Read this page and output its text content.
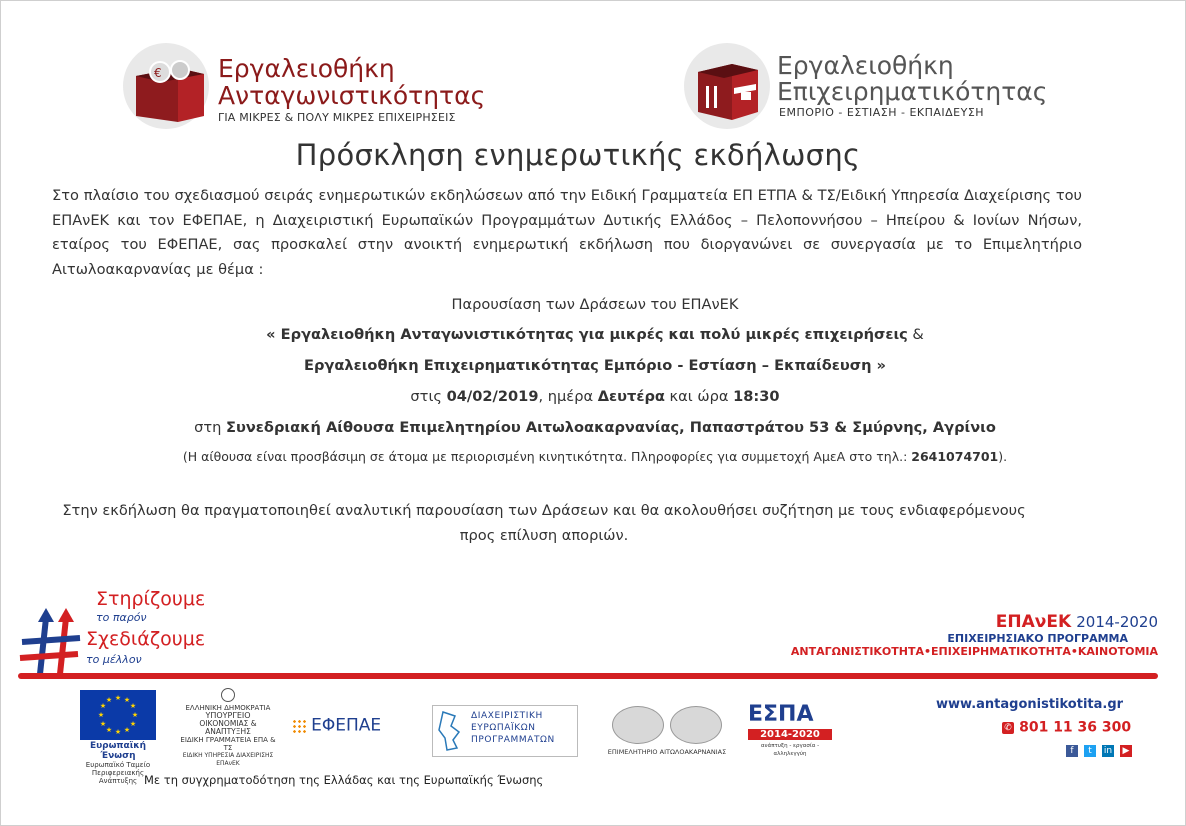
€ Εργαλειοθήκη
Ανταγωνιστικότητας
ΓΙΑ ΜΙΚΡΕΣ & ΠΟΛΥ ΜΙΚΡΕΣ ΕΠΙΧΕΙΡΗΣΕΙΣ
Εργαλειοθήκη
Επιχειρηματικότητας
ΕΜΠΟΡΙΟ - ΕΣΤΙΑΣΗ - ΕΚΠΑΙΔΕΥΣΗ
Πρόσκληση ενημερωτικής εκδήλωσης
Στο πλαίσιο του σχεδιασμού σειράς ενημερωτικών εκδηλώσεων από την Ειδική Γραμματεία ΕΠ ΕΤΠΑ & ΤΣ/Ειδική Υπηρεσία Διαχείρισης του ΕΠΑνΕΚ και τον ΕΦΕΠΑΕ, η Διαχειριστική Ευρωπαϊκών Προγραμμάτων Δυτικής Ελλάδος – Πελοποννήσου – Ηπείρου & Ιονίων Νήσων, εταίρος του ΕΦΕΠΑΕ, σας προσκαλεί στην ανοικτή ενημερωτική εκδήλωση που διοργανώνει σε συνεργασία με το Επιμελητήριο Αιτωλοακαρνανίας με θέμα :
Παρουσίαση των Δράσεων του ΕΠΑνΕΚ
« Εργαλειοθήκη Ανταγωνιστικότητας για μικρές και πολύ μικρές επιχειρήσεις &
Εργαλειοθήκη Επιχειρηματικότητας Εμπόριο - Εστίαση – Εκπαίδευση »
στις 04/02/2019, ημέρα Δευτέρα και ώρα 18:30
στη Συνεδριακή Αίθουσα Επιμελητηρίου Αιτωλοακαρνανίας, Παπαστράτου 53 & Σμύρνης, Αγρίνιο
(Η αίθουσα είναι προσβάσιμη σε άτομα με περιορισμένη κινητικότητα. Πληροφορίες για συμμετοχή ΑμεΑ στο τηλ.: 2641074701).
Στην εκδήλωση θα πραγματοποιηθεί αναλυτική παρουσίαση των Δράσεων και θα ακολουθήσει συζήτηση με τους ενδιαφερόμενους προς επίλυση αποριών.
Στηρίζουμε
το παρόν
Σχεδιάζουμε
το μέλλον
ΕΠΑνΕΚ 2014-2020
ΕΠΙΧΕΙΡΗΣΙΑΚΟ ΠΡΟΓΡΑΜΜΑ
ΑΝΤΑΓΩΝΙΣΤΙΚΟΤΗΤΑ•ΕΠΙΧΕΙΡΗΜΑΤΙΚΟΤΗΤΑ•ΚΑΙΝΟΤΟΜΙΑ
★ ★
★
★
★
★
★
★
★
★
★
★
Ευρωπαϊκή Ένωση
Ευρωπαϊκό Ταμείο
Περιφερειακής Ανάπτυξης
ΕΛΛΗΝΙΚΗ ΔΗΜΟΚΡΑΤΙΑ
ΥΠΟΥΡΓΕΙΟ
ΟΙΚΟΝΟΜΙΑΣ & ΑΝΑΠΤΥΞΗΣ
ΕΙΔΙΚΗ ΓΡΑΜΜΑΤΕΙΑ ΕΠΑ & ΤΣ
ΕΙΔΙΚΗ ΥΠΗΡΕΣΙΑ ΔΙΑΧΕΙΡΙΣΗΣ ΕΠΑνΕΚ
ΕΦΕΠΑΕ	ΔΙΑΧΕΙΡΙΣΤΙΚΗ
ΕΥΡΩΠΑΪΚΩΝ
ΠΡΟΓΡΑΜΜΑΤΩΝ
ΕΠΙΜΕΛΗΤΗΡΙΟ ΑΙΤΩΛΟΑΚΑΡΝΑΝΙΑΣ
ΕΣΠΑ
2014-2020
ανάπτυξη - εργασία - αλληλεγγύη
www.antagonistikotita.gr
✆ 801 11 36 300
f t in ▶
Με τη συγχρηματοδότηση της Ελλάδας και της Ευρωπαϊκής Ένωσης
